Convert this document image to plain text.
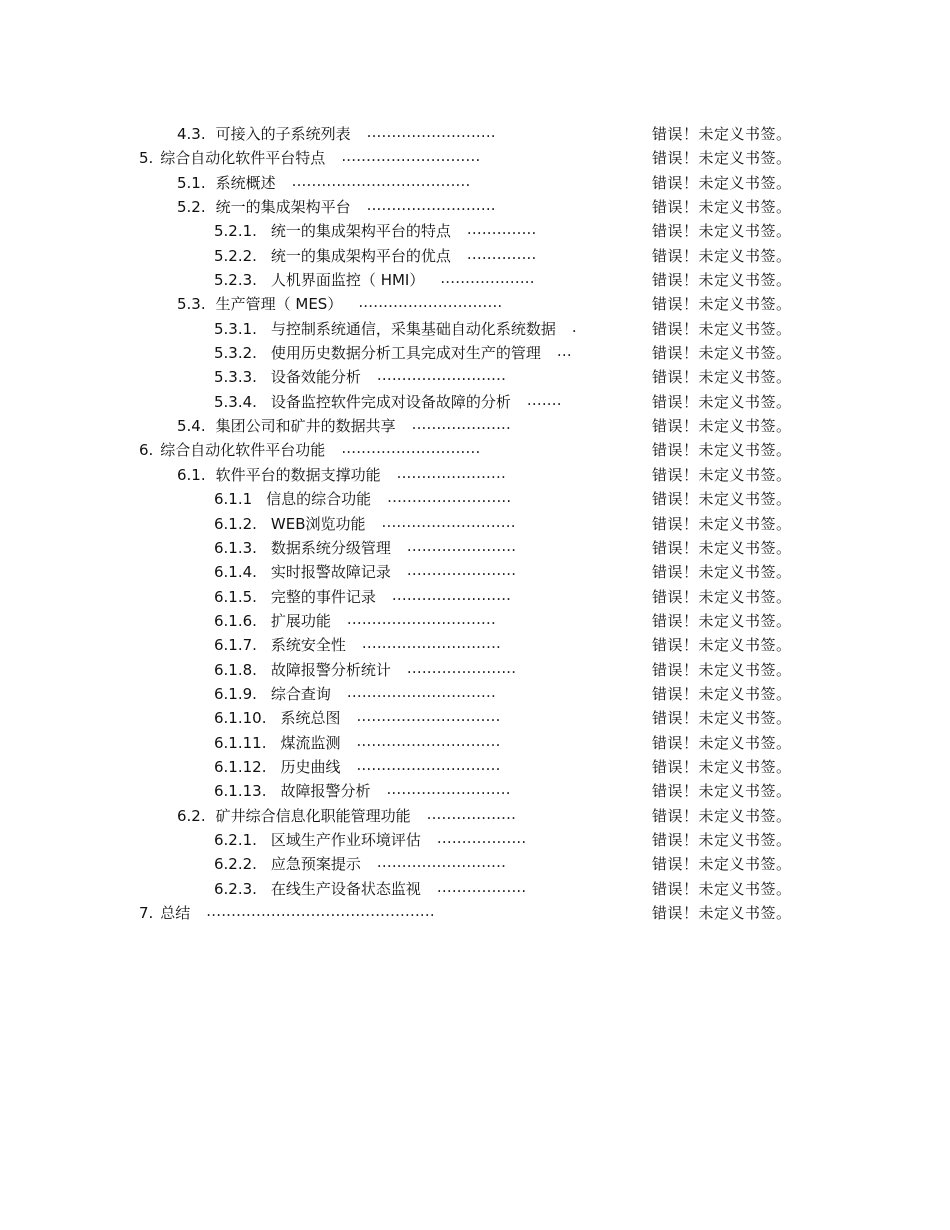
4.3. 可接入的子系统列表 ..........................	错误！未定义书签。
5. 综合自动化软件平台特点 ............................	错误！未定义书签。
5.1. 系统概述 ....................................	错误！未定义书签。
5.2. 统一的集成架构平台 ..........................	错误！未定义书签。
5.2.1. 统一的集成架构平台的特点 ..............	错误！未定义书签。
5.2.2. 统一的集成架构平台的优点 ..............	错误！未定义书签。
5.2.3. 人机界面监控（ HMI） ...................	错误！未定义书签。
5.3. 生产管理（ MES） .............................	错误！未定义书签。
5.3.1. 与控制系统通信，采集基础自动化系统数据 .	错误！未定义书签。
5.3.2. 使用历史数据分析工具完成对生产的管理 ...	错误！未定义书签。
5.3.3. 设备效能分析 ..........................	错误！未定义书签。
5.3.4. 设备监控软件完成对设备故障的分析 .......	错误！未定义书签。
5.4. 集团公司和矿井的数据共享 ....................	错误！未定义书签。
6. 综合自动化软件平台功能 ............................	错误！未定义书签。
6.1. 软件平台的数据支撑功能 ......................	错误！未定义书签。
6.1.1 信息的综合功能 .........................	错误！未定义书签。
6.1.2. WEB浏览功能 ...........................	错误！未定义书签。
6.1.3. 数据系统分级管理 ......................	错误！未定义书签。
6.1.4. 实时报警故障记录 ......................	错误！未定义书签。
6.1.5. 完整的事件记录 ........................	错误！未定义书签。
6.1.6. 扩展功能 ..............................	错误！未定义书签。
6.1.7. 系统安全性 ............................	错误！未定义书签。
6.1.8. 故障报警分析统计 ......................	错误！未定义书签。
6.1.9. 综合查询 ..............................	错误！未定义书签。
6.1.10. 系统总图 .............................	错误！未定义书签。
6.1.11. 煤流监测 .............................	错误！未定义书签。
6.1.12. 历史曲线 .............................	错误！未定义书签。
6.1.13. 故障报警分析 .........................	错误！未定义书签。
6.2. 矿井综合信息化职能管理功能 ..................	错误！未定义书签。
6.2.1. 区域生产作业环境评估 ..................	错误！未定义书签。
6.2.2. 应急预案提示 ..........................	错误！未定义书签。
6.2.3. 在线生产设备状态监视 ..................	错误！未定义书签。
7. 总结 ..............................................	错误！未定义书签。
